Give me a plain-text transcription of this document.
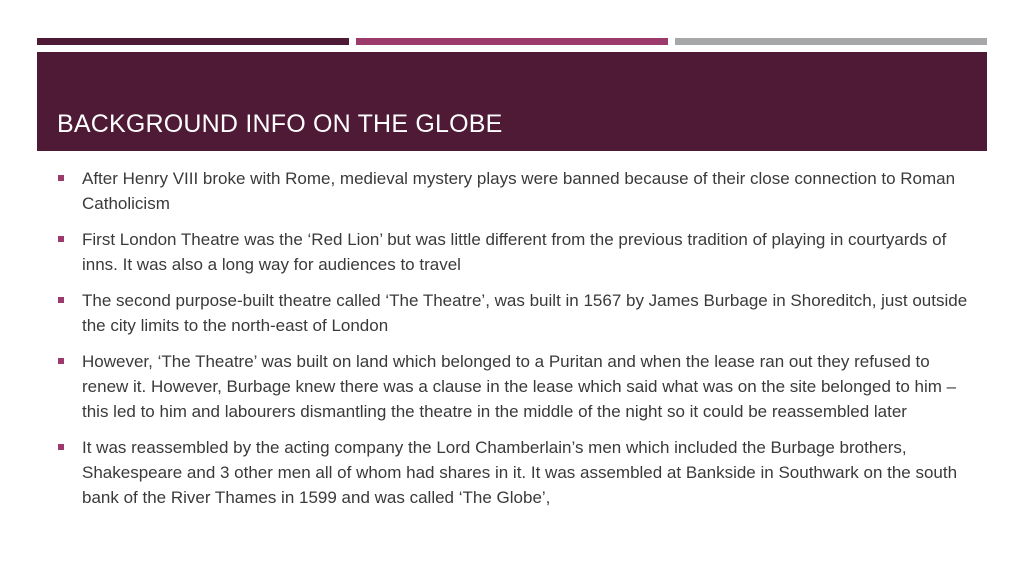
BACKGROUND INFO ON THE GLOBE
After Henry VIII broke with Rome, medieval mystery plays were banned because of their close connection to Roman Catholicism
First London Theatre was the ‘Red Lion’ but was little different from the previous tradition of playing in courtyards of inns. It was also a long way for audiences to travel
The second purpose-built theatre called ‘The Theatre’, was built in 1567 by James Burbage in Shoreditch, just outside the city limits to the north-east of London
However, ‘The Theatre’ was built on land which belonged to a Puritan and when the lease ran out they refused to renew it. However, Burbage knew there was a clause in the lease which said what was on the site belonged to him – this led to him and labourers dismantling the theatre in the middle of the night so it could be reassembled later
It was reassembled by the acting company the Lord Chamberlain’s men which included the Burbage brothers, Shakespeare and 3 other men all of whom had shares in it. It was assembled at Bankside in Southwark on the south bank of the River Thames in 1599 and was called ‘The Globe’,
